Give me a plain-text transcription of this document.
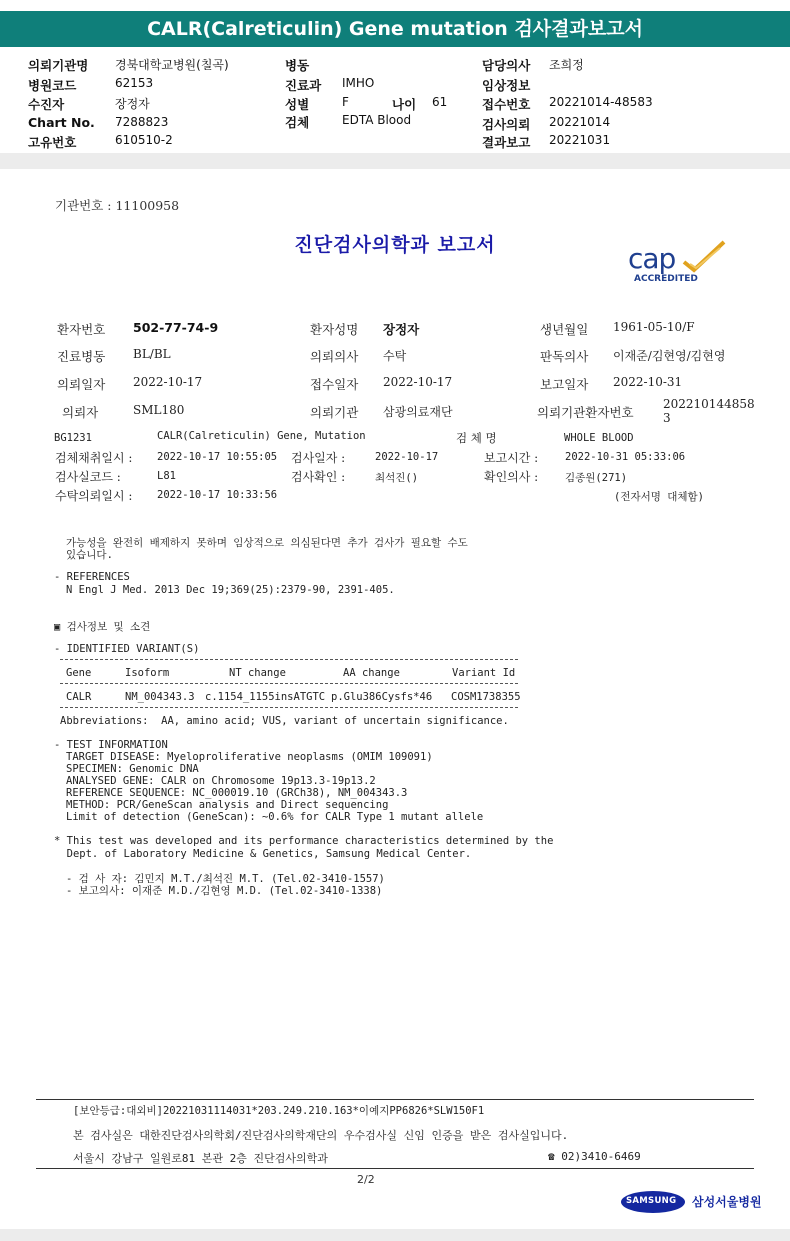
CALR(Calreticulin) Gene mutation 검사결과보고서
의뢰기관명 경북대학교병원(칠곡)
병원코드	62153
수진자	장정자
Chart No. 7288823
고유번호	610510-2
병동
진료과 IMHO
성별	F	나이 61
검체	EDTA Blood
담당의사 조희정
임상정보
접수번호 20221014-48583
검사의뢰 20221014
결과보고 20221031
기관번호 : 11100958
진단검사의학과 보고서	cap
ACCREDITED
환자번호 502-77-74-9	환자성명 장정자	생년월일 1961-05-10/F
진료병동 BL/BL	의뢰의사 수탁	판독의사 이재준/김현영/김현영
의뢰일자 2022-10-17	접수일자 2022-10-17	보고일자 2022-10-31
의뢰자	SML180	의뢰기관 삼광의료재단	의뢰기관환자번호
202210144858
3
BG1231	CALR(Calreticulin) Gene, Mutation	검 체 명	WHOLE BLOOD
검체채취일시 : 2022-10-17 10:55:05 검사일자 :	2022-10-17	보고시간 :	2022-10-31 05:33:06
검사실코드 :	L81	검사확인 :	최석진()	확인의사 :	김종원(271)
수탁의뢰일시 : 2022-10-17 10:33:56	(전자서명 대체함)
가능성을 완전히 배제하지 못하며 임상적으로 의심된다면 추가 검사가 필요할 수도
있습니다.
- REFERENCES
N Engl J Med. 2013 Dec 19;369(25):2379-90, 2391-405.
▣ 검사정보 및 소견
- IDENTIFIED VARIANT(S)
Gene	Isoform	NT change	AA change	Variant Id
CALR	NM_004343.3 c.1154_1155insATGTC p.Glu386Cysfs*46 COSM1738355
Abbreviations:  AA, amino acid; VUS, variant of uncertain significance.
- TEST INFORMATION
TARGET DISEASE: Myeloproliferative neoplasms (OMIM 109091)
SPECIMEN: Genomic DNA
ANALYSED GENE: CALR on Chromosome 19p13.3-19p13.2
REFERENCE SEQUENCE: NC_000019.10 (GRCh38), NM_004343.3
METHOD: PCR/GeneScan analysis and Direct sequencing
Limit of detection (GeneScan): ~0.6% for CALR Type 1 mutant allele
* This test was developed and its performance characteristics determined by the
Dept. of Laboratory Medicine & Genetics, Samsung Medical Center.
- 검 사 자: 김민지 M.T./최석진 M.T. (Tel.02-3410-1557)
- 보고의사: 이재준 M.D./김현영 M.D. (Tel.02-3410-1338)
[보안등급:대외비]20221031114031*203.249.210.163*이예지PP6826*SLW150F1
본 검사실은 대한진단검사의학회/진단검사의학재단의 우수검사실 신임 인증을 받은 검사실입니다.
서울시 강남구 일원로81 본관 2층 진단검사의학과	☎ 02)3410-6469
2/2
SAMSUNG 삼성서울병원
